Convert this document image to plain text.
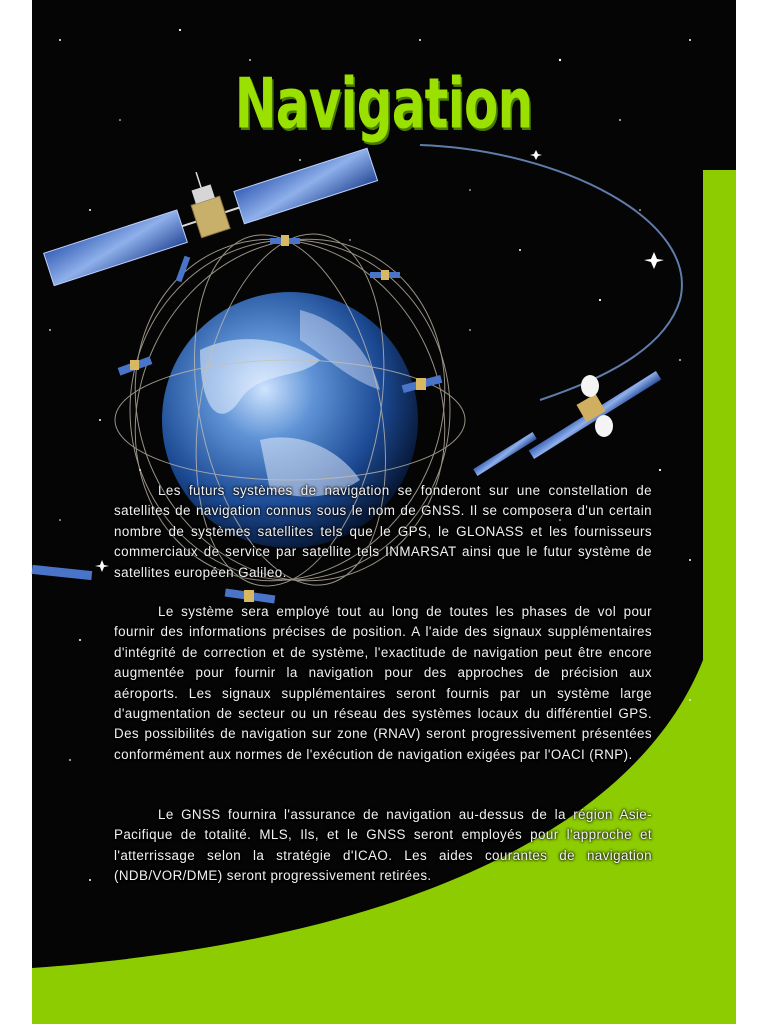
Navigation

Les futurs systèmes de navigation se fonderont sur une constellation de satellites de navigation connus sous le nom de GNSS. Il se composera d'un certain nombre de systèmes satellites tels que le GPS, le GLONASS et les fournisseurs commerciaux de service par satellite tels INMARSAT ainsi que le futur système de satellites européen Galileo.

Le système sera employé tout au long de toutes les phases de vol pour fournir des informations précises de position. A l'aide des signaux supplémentaires d'intégrité de correction et de système, l'exactitude de navigation peut être encore augmentée pour fournir la navigation pour des approches de précision aux aéroports. Les signaux supplémentaires seront fournis par un système large d'augmentation de secteur ou un réseau des systèmes locaux du différentiel GPS. Des possibilités de navigation sur zone (RNAV) seront progressivement présentées conformément aux normes de l'exécution de navigation exigées par l'OACI (RNP).

Le GNSS fournira l'assurance de navigation au-dessus de la région Asie-Pacifique de totalité. MLS, Ils, et le GNSS seront employés pour l'approche et l'atterrissage selon la stratégie d'ICAO. Les aides courantes de navigation (NDB/VOR/DME) seront progressivement retirées.
